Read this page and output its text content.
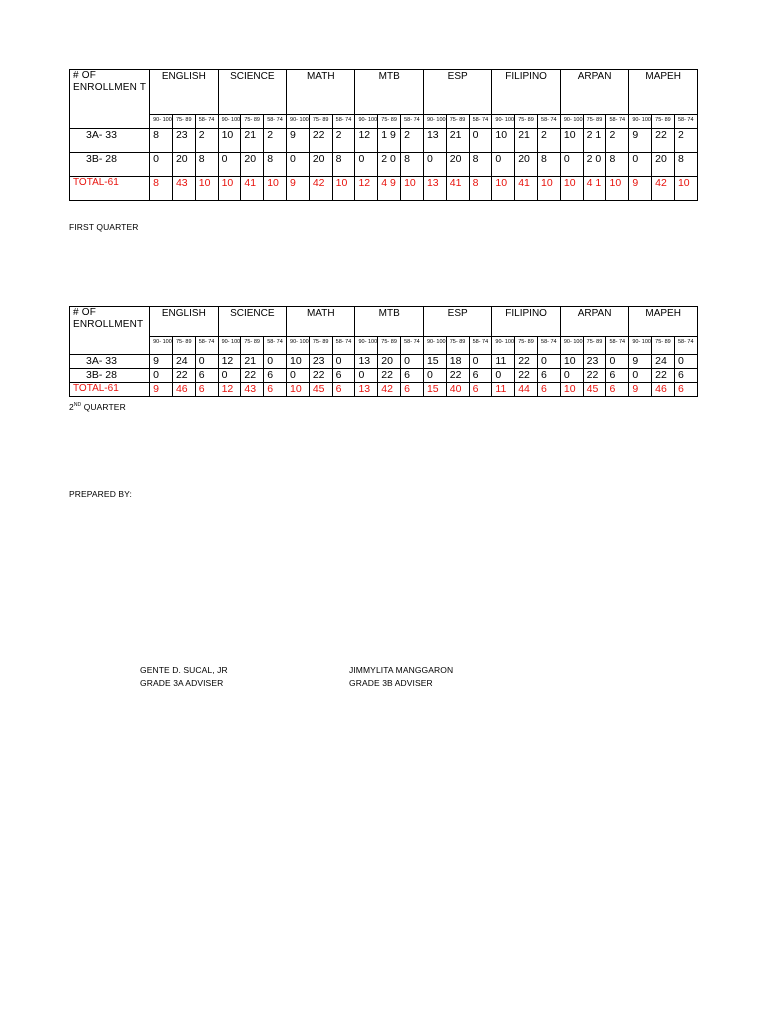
# OF ENROLLMEN T	ENGLISH			SCIENCE			MATH			MTB			ESP			FILIPINO			ARPAN			MAPEH		
	90- 100	75- 89	58- 74	90- 100	75- 89	58- 74	90- 100	75- 89	58- 74	90- 100	75- 89	58- 74	90- 100	75- 89	58- 74	90- 100	75- 89	58- 74	90- 100	75- 89	58- 74	90- 100	75- 89	58- 74
3A- 33	8	23	2	10	21	2	9	22	2	12	1 9	2	13	21	0	10	21	2	10	2 1	2	9	22	2
3B- 28	0	20	8	0	20	8	0	20	8	0	2 0	8	0	20	8	0	20	8	0	2 0	8	0	20	8
TOTAL-61	8	43	10	10	41	10	9	42	10	12	4 9	10	13	41	8	10	41	10	10	4 1	10	9	42	10
FIRST QUARTER
# OF ENROLLMENT	ENGLISH			SCIENCE			MATH			MTB			ESP			FILIPINO			ARPAN			MAPEH		
	90- 100	75- 89	58- 74	90- 100	75- 89	58- 74	90- 100	75- 89	58- 74	90- 100	75- 89	58- 74	90- 100	75- 89	58- 74	90- 100	75- 89	58- 74	90- 100	75- 89	58- 74	90- 100	75- 89	58- 74
3A- 33	9	24	0	12	21	0	10	23	0	13	20	0	15	18	0	11	22	0	10	23	0	9	24	0
3B- 28	0	22	6	0	22	6	0	22	6	0	22	6	0	22	6	0	22	6	0	22	6	0	22	6
TOTAL-61	9	46	6	12	43	6	10	45	6	13	42	6	15	40	6	11	44	6	10	45	6	9	46	6
2ND QUARTER
PREPARED BY:
GENTE D. SUCAL, JR
GRADE 3A ADVISER
JIMMYLITA MANGGARON
GRADE 3B ADVISER
